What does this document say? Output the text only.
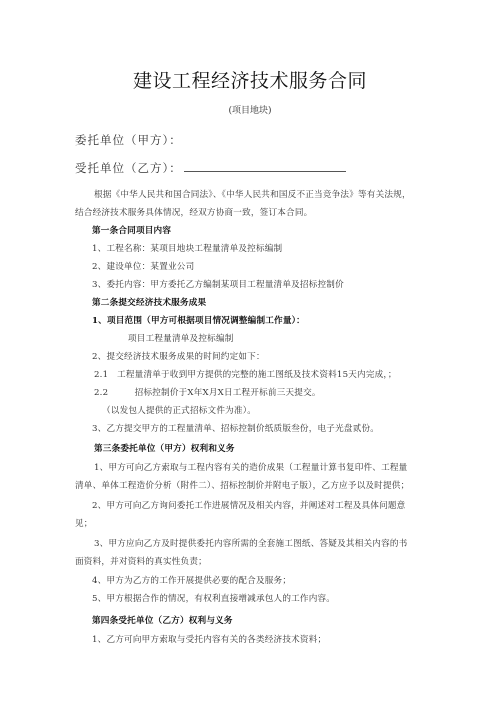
建设工程经济技术服务合同
(项目地块)
委托单位（甲方）：
受托单位（乙方）：
根据《中华人民共和国合同法》、《中华人民共和国反不正当竞争法》等有关法规，
结合经济技术服务具体情况，经双方协商一致，签订本合同。
第一条合同项目内容
1、工程名称：某项目地块工程量清单及控标编制
2、建设单位：某置业公司
3、委托内容：甲方委托乙方编制某项目工程量清单及招标控制价
第二条提交经济技术服务成果
1、项目范围（甲方可根据项目情况调整编制工作量）：
项目工程量清单及控标编制
2、提交经济技术服务成果的时间约定如下：
2.1　工程量清单于收到甲方提供的完整的施工图纸及技术资料15天内完成，；
2.2　　　招标控制价于X年X月X日工程开标前三天提交。
（以发包人提供的正式招标文件为准）。
3、乙方提交甲方的工程量清单、招标控制价纸质版叁份，电子光盘贰份。
第三条委托单位（甲方）权利和义务
1、甲方可向乙方索取与工程内容有关的造价成果（工程量计算书复印件、工程量
清单、单体工程造价分析（附件二）、招标控制价并附电子版），乙方应予以及时提供；
2、甲方可向乙方询问委托工作进展情况及相关内容，并阐述对工程及具体问题意
见；
3、甲方应向乙方及时提供委托内容所需的全套施工图纸、答疑及其相关内容的书
面资料，并对资料的真实性负责；
4、甲方为乙方的工作开展提供必要的配合及服务；
5、甲方根据合作的情况，有权利直接增减承包人的工作内容。
第四条受托单位（乙方）权利与义务
1、乙方可向甲方索取与受托内容有关的各类经济技术资料；
